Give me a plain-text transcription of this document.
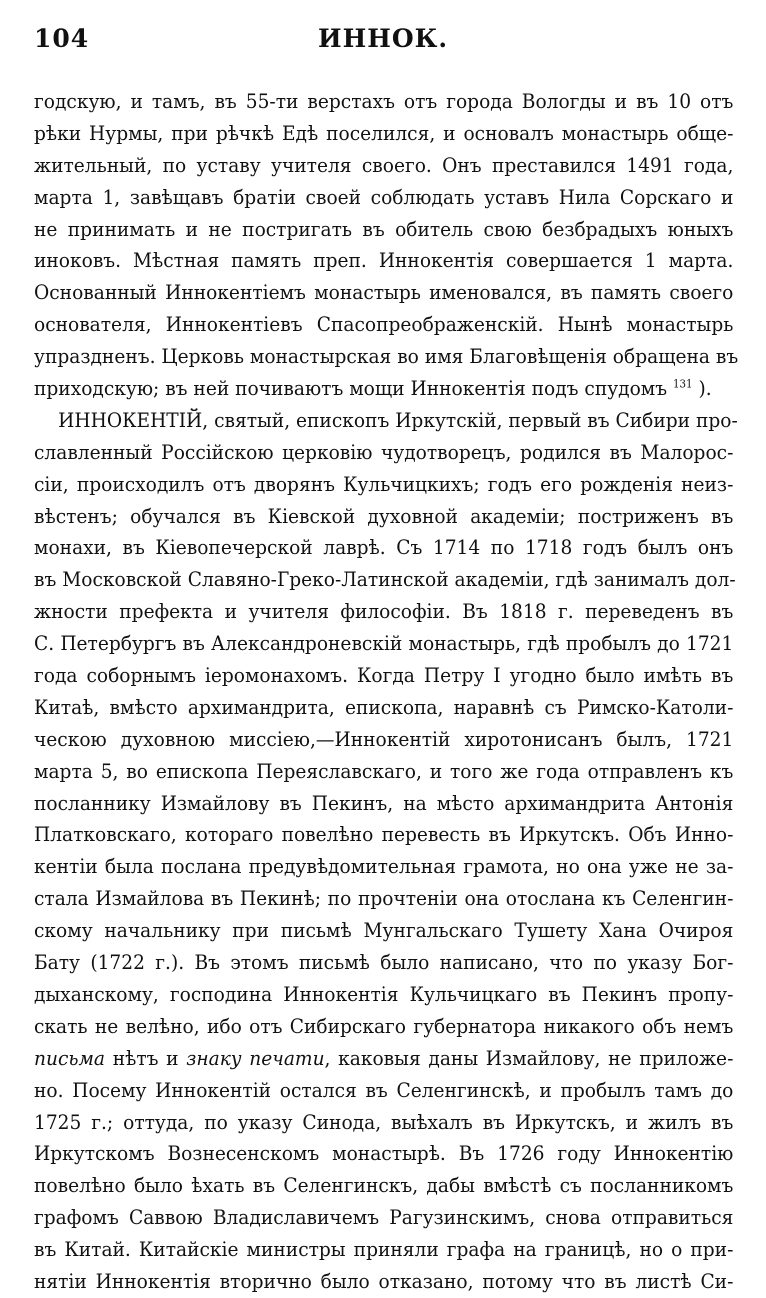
104	ИННОК.
годскую, и тамъ, въ 55-ти верстахъ отъ города Вологды и въ 10 отъ
рѣки Нурмы, при рѣчкѣ Едѣ поселился, и основалъ монастырь обще-
жительный, по уставу учителя своего. Онъ преставился 1491 года,
марта 1, завѣщавъ братіи своей соблюдать уставъ Нила Сорскаго и
не принимать и не постригать въ обитель свою безбрадыхъ юныхъ
иноковъ. Мѣстная память преп. Иннокентія совершается 1 марта.
Основанный Иннокентіемъ монастырь именовался, въ память своего
основателя, Иннокентіевъ Спасопреображенскій. Нынѣ монастырь
упраздненъ. Церковь монастырская во имя Благовѣщенія обращена въ
приходскую; въ ней почиваютъ мощи Иннокентія подъ спудомъ $^{131}$ ).
ИННОКЕНТІЙ, святый, епископъ Иркутскій, первый въ Сибири про-
славленный Россійскою церковію чудотворецъ, родился въ Малорос-
сіи, происходилъ отъ дворянъ Кульчицкихъ; годъ его рожденія неиз-
вѣстенъ; обучался въ Кіевской духовной академіи; постриженъ въ
монахи, въ Кіевопечерской лаврѣ. Съ 1714 по 1718 годъ былъ онъ
въ Московской Славяно-Греко-Латинской академіи, гдѣ занималъ дол-
жности префекта и учителя философіи. Въ 1818 г. переведенъ въ
С. Петербургъ въ Александроневскій монастырь, гдѣ пробылъ до 1721
года соборнымъ іеромонахомъ. Когда Петру I угодно было имѣть въ
Китаѣ, вмѣсто архимандрита, епископа, наравнѣ съ Римско-Католи-
ческою духовною миссіею,—Иннокентій хиротонисанъ былъ, 1721
марта 5, во епископа Переяславскаго, и того же года отправленъ къ
посланнику Измайлову въ Пекинъ, на мѣсто архимандрита Антонія
Платковскаго, котораго повелѣно перевесть въ Иркутскъ. Объ Инно-
кентіи была послана предувѣдомительная грамота, но она уже не за-
стала Измайлова въ Пекинѣ; по прочтеніи она отослана къ Селенгин-
скому начальнику при письмѣ Мунгальскаго Тушету Хана Очироя
Бату (1722 г.). Въ этомъ письмѣ было написано, что по указу Бог-
дыханскому, господина Иннокентія Кульчицкаго въ Пекинъ пропу-
скать не велѣно, ибо отъ Сибирскаго губернатора никакого объ немъ
письма нѣтъ и знаку печати, каковыя даны Измайлову, не приложе-
но. Посему Иннокентій остался въ Селенгинскѣ, и пробылъ тамъ до
1725 г.; оттуда, по указу Синода, выѣхалъ въ Иркутскъ, и жилъ въ
Иркутскомъ Вознесенскомъ монастырѣ. Въ 1726 году Иннокентію
повелѣно было ѣхать въ Селенгинскъ, дабы вмѣстѣ съ посланникомъ
графомъ Саввою Владиславичемъ Рагузинскимъ, снова отправиться
въ Китай. Китайскіе министры приняли графа на границѣ, но о при-
нятіи Иннокентія вторично было отказано, потому что въ листѣ Си-
